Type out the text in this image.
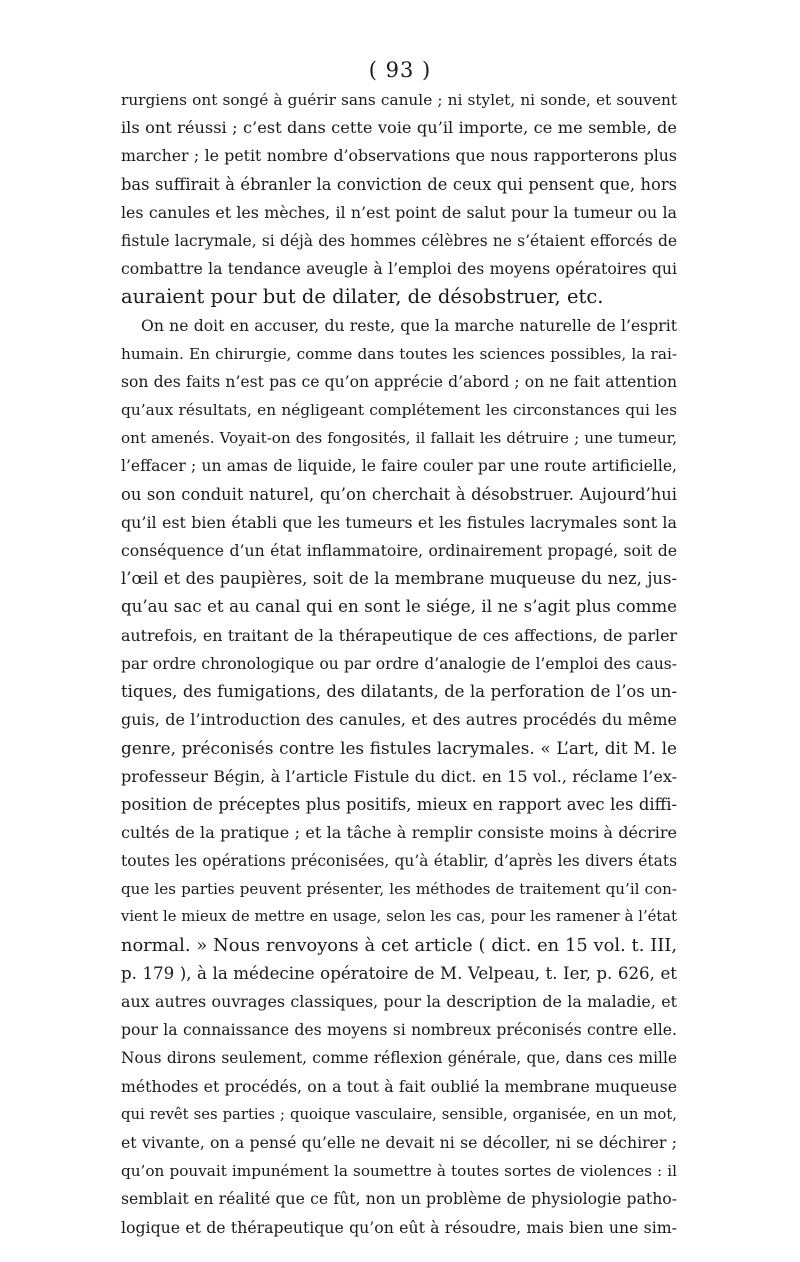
( 93 )
rurgiens ont songé à guérir sans canule ; ni stylet, ni sonde, et souvent
ils ont réussi ; c’est dans cette voie qu’il importe, ce me semble, de
marcher ; le petit nombre d’observations que nous rapporterons plus
bas suffirait à ébranler la conviction de ceux qui pensent que, hors
les canules et les mèches, il n’est point de salut pour la tumeur ou la
fistule lacrymale, si déjà des hommes célèbres ne s’étaient efforcés de
combattre la tendance aveugle à l’emploi des moyens opératoires qui
auraient pour but de dilater, de désobstruer, etc.
On ne doit en accuser, du reste, que la marche naturelle de l’esprit
humain. En chirurgie, comme dans toutes les sciences possibles, la rai-
son des faits n’est pas ce qu’on apprécie d’abord ; on ne fait attention
qu’aux résultats, en négligeant complétement les circonstances qui les
ont amenés. Voyait-on des fongosités, il fallait les détruire ; une tumeur,
l’effacer ; un amas de liquide, le faire couler par une route artificielle,
ou son conduit naturel, qu’on cherchait à désobstruer. Aujourd’hui
qu’il est bien établi que les tumeurs et les fistules lacrymales sont la
conséquence d’un état inflammatoire, ordinairement propagé, soit de
l’œil et des paupières, soit de la membrane muqueuse du nez, jus-
qu’au sac et au canal qui en sont le siége, il ne s’agit plus comme
autrefois, en traitant de la thérapeutique de ces affections, de parler
par ordre chronologique ou par ordre d’analogie de l’emploi des caus-
tiques, des fumigations, des dilatants, de la perforation de l’os un-
guis, de l’introduction des canules, et des autres procédés du même
genre, préconisés contre les fistules lacrymales. « L’art, dit M. le
professeur Bégin, à l’article Fistule du dict. en 15 vol., réclame l’ex-
position de préceptes plus positifs, mieux en rapport avec les diffi-
cultés de la pratique ; et la tâche à remplir consiste moins à décrire
toutes les opérations préconisées, qu’à établir, d’après les divers états
que les parties peuvent présenter, les méthodes de traitement qu’il con-
vient le mieux de mettre en usage, selon les cas, pour les ramener à l’état
normal. » Nous renvoyons à cet article ( dict. en 15 vol. t. III,
p. 179 ), à la médecine opératoire de M. Velpeau, t. Ier, p. 626, et
aux autres ouvrages classiques, pour la description de la maladie, et
pour la connaissance des moyens si nombreux préconisés contre elle.
Nous dirons seulement, comme réflexion générale, que, dans ces mille
méthodes et procédés, on a tout à fait oublié la membrane muqueuse
qui revêt ses parties ; quoique vasculaire, sensible, organisée, en un mot,
et vivante, on a pensé qu’elle ne devait ni se décoller, ni se déchirer ;
qu’on pouvait impunément la soumettre à toutes sortes de violences : il
semblait en réalité que ce fût, non un problème de physiologie patho-
logique et de thérapeutique qu’on eût à résoudre, mais bien une sim-
